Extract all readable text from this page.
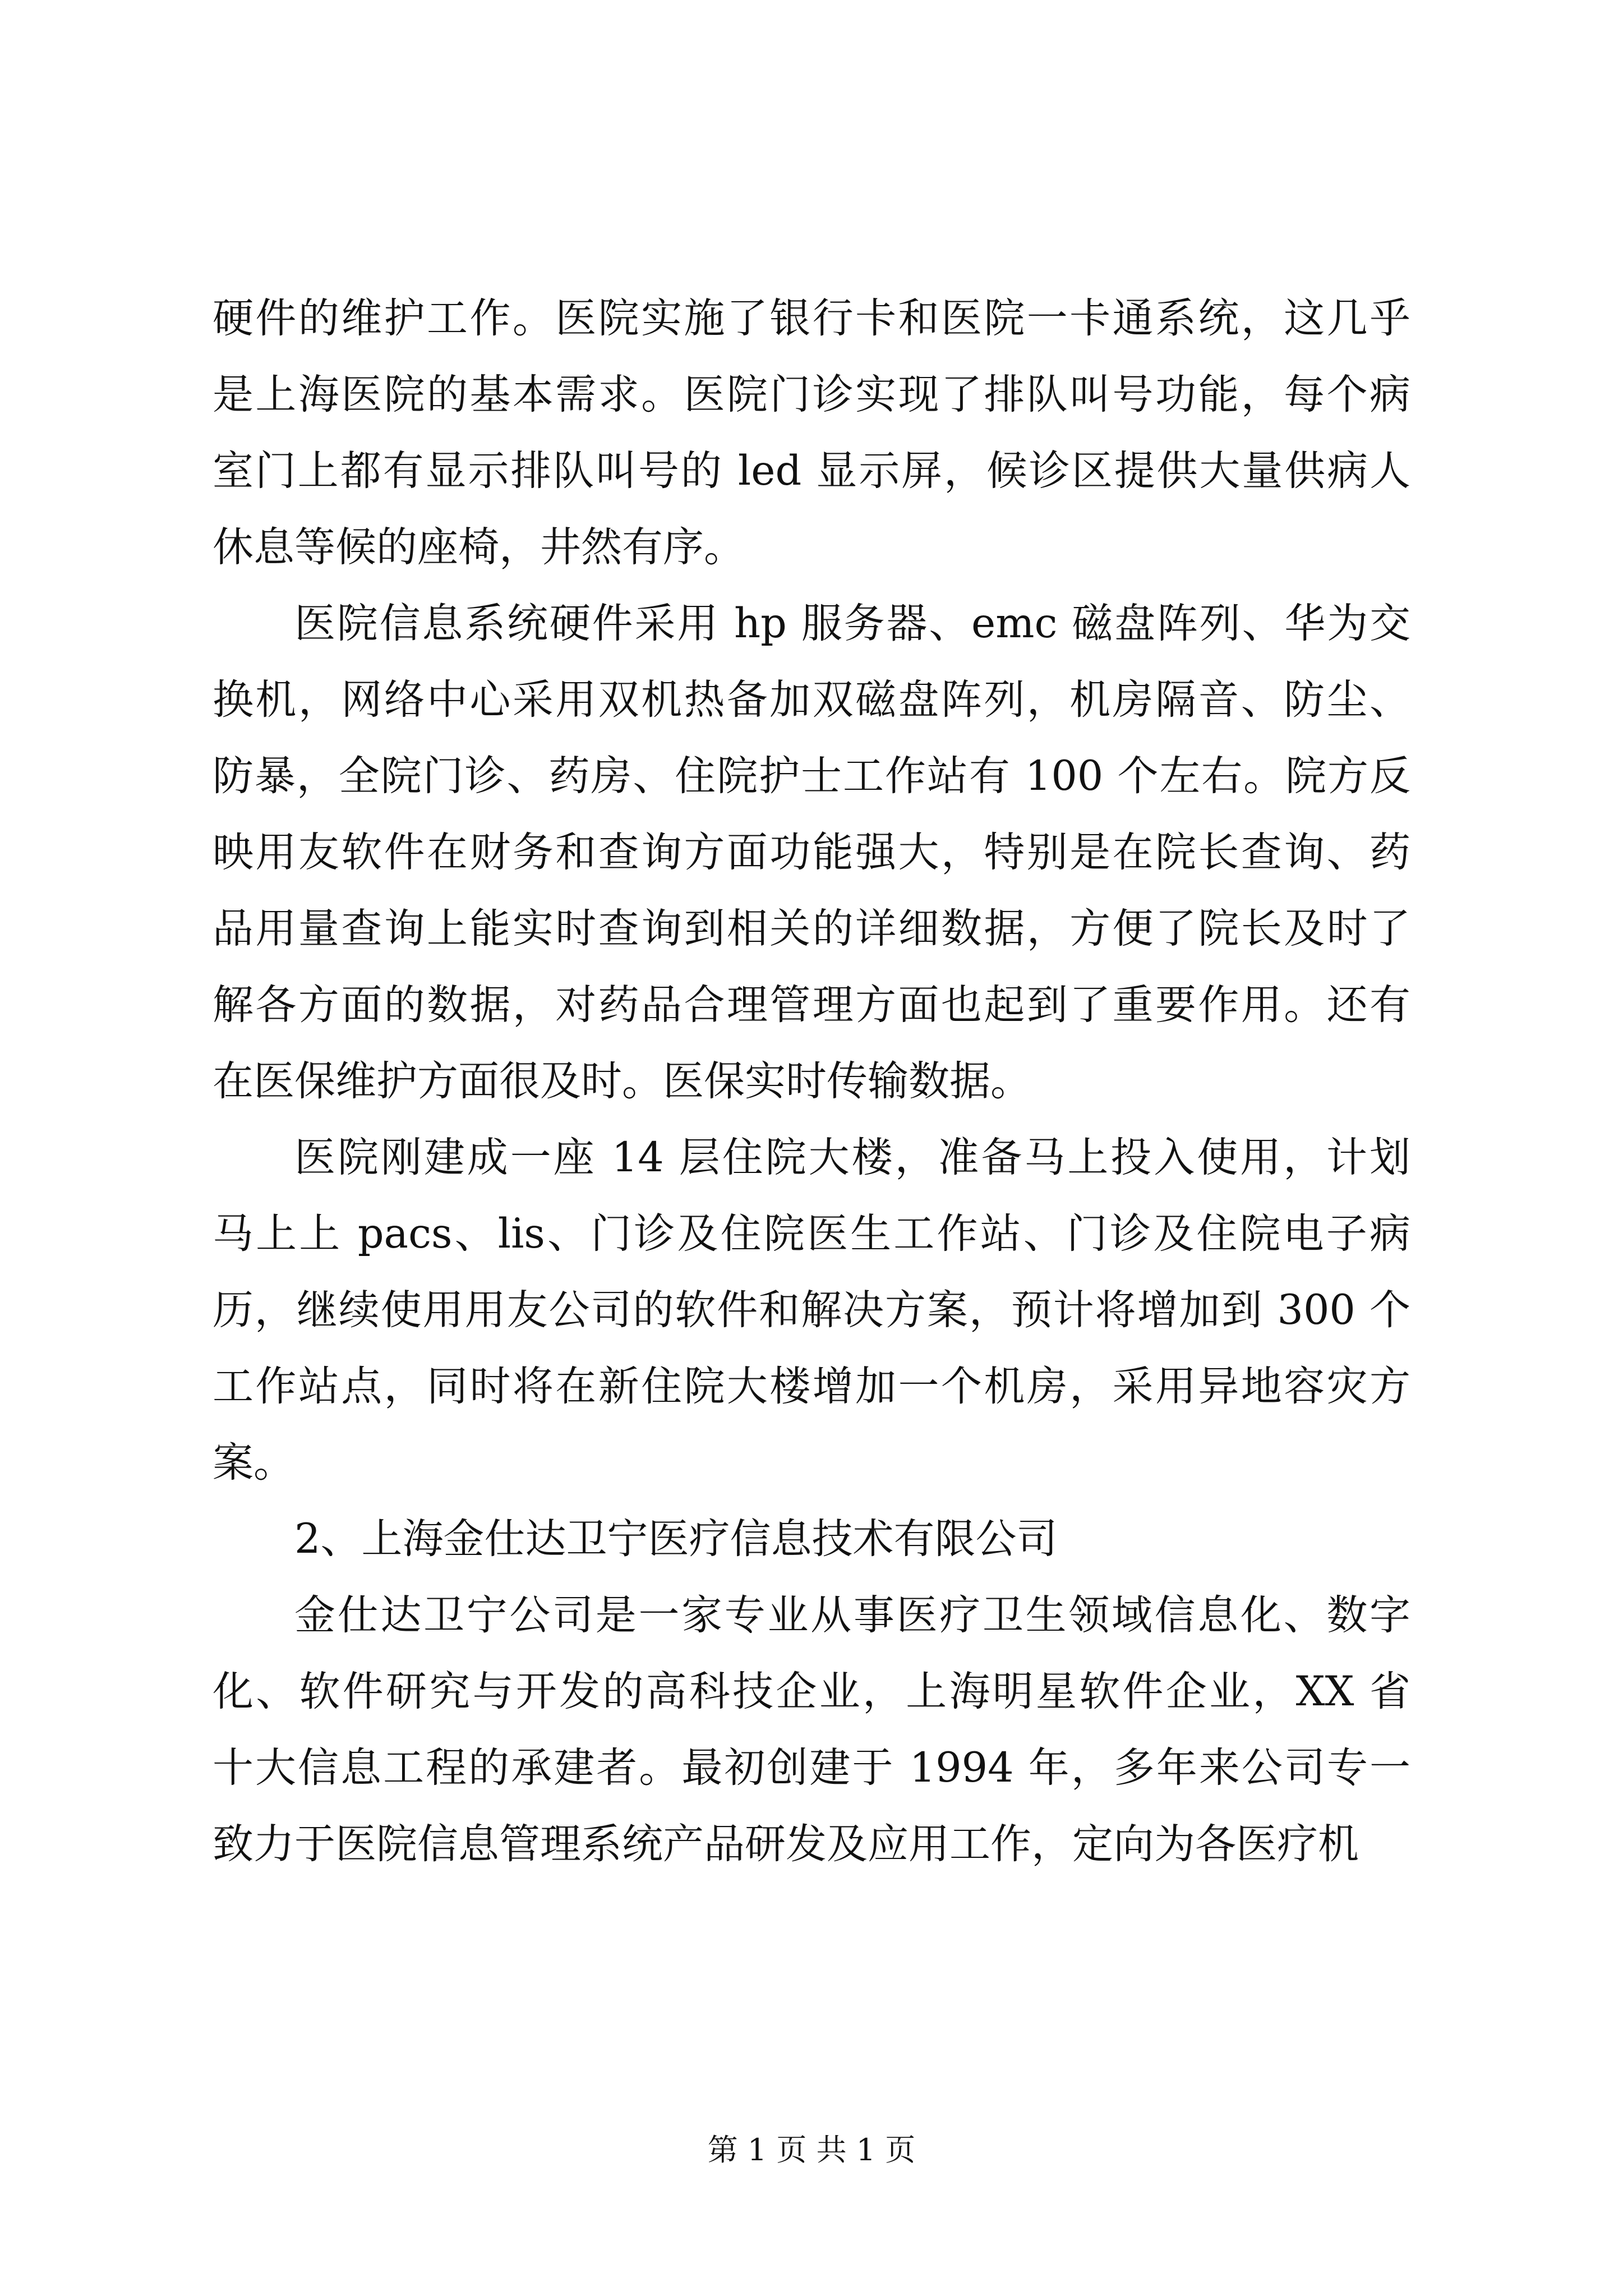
硬件的维护工作。医院实施了银行卡和医院一卡通系统，这几乎
是上海医院的基本需求。医院门诊实现了排队叫号功能，每个病
室门上都有显示排队叫号的 led 显示屏，候诊区提供大量供病人
休息等候的座椅，井然有序。
医院信息系统硬件采用 hp 服务器、emc 磁盘阵列、华为交
换机，网络中心采用双机热备加双磁盘阵列，机房隔音、防尘、
防暴，全院门诊、药房、住院护士工作站有 100 个左右。院方反
映用友软件在财务和查询方面功能强大，特别是在院长查询、药
品用量查询上能实时查询到相关的详细数据，方便了院长及时了
解各方面的数据，对药品合理管理方面也起到了重要作用。还有
在医保维护方面很及时。医保实时传输数据。
医院刚建成一座 14 层住院大楼，准备马上投入使用，计划
马上上 pacs、lis、门诊及住院医生工作站、门诊及住院电子病
历，继续使用用友公司的软件和解决方案，预计将增加到 300 个
工作站点，同时将在新住院大楼增加一个机房，采用异地容灾方
案。
2、上海金仕达卫宁医疗信息技术有限公司
金仕达卫宁公司是一家专业从事医疗卫生领域信息化、数字
化、软件研究与开发的高科技企业，上海明星软件企业，XX 省
十大信息工程的承建者。最初创建于 1994 年，多年来公司专一
致力于医院信息管理系统产品研发及应用工作，定向为各医疗机
第 1 页 共 1 页
